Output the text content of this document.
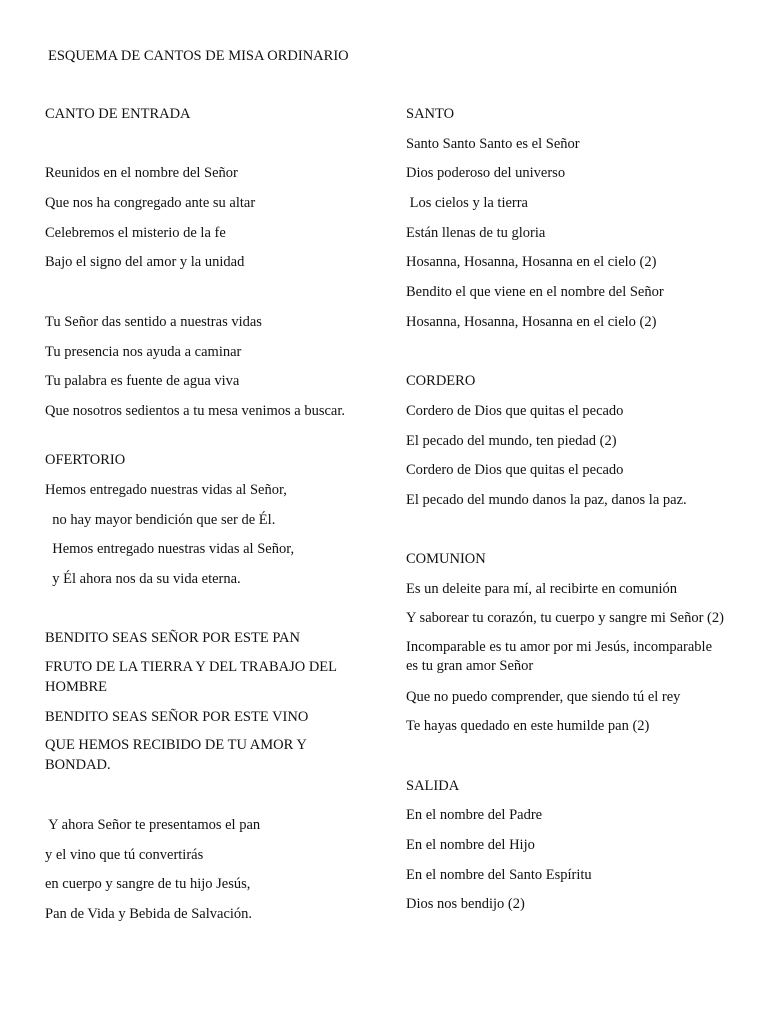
ESQUEMA DE CANTOS DE MISA ORDINARIO
CANTO DE ENTRADA

Reunidos en el nombre del Señor

Que nos ha congregado ante su altar

Celebremos el misterio de la fe

Bajo el signo del amor y la unidad

Tu Señor das sentido a nuestras vidas

Tu presencia nos ayuda a caminar

Tu palabra es fuente de agua viva

Que nosotros sedientos a tu mesa venimos a buscar.

OFERTORIO

Hemos entregado nuestras vidas al Señor,

no hay mayor bendición que ser de Él.

Hemos entregado nuestras vidas al Señor,

y Él ahora nos da su vida eterna.

BENDITO SEAS SEÑOR POR ESTE PAN

FRUTO DE LA TIERRA Y DEL TRABAJO DEL HOMBRE

BENDITO SEAS SEÑOR POR ESTE VINO

QUE HEMOS RECIBIDO DE TU AMOR Y BONDAD.

Y ahora Señor te presentamos el pan

y el vino que tú convertirás

en cuerpo y sangre de tu hijo Jesús,

Pan de Vida y Bebida de Salvación.

SANTO

Santo Santo Santo es el Señor

Dios poderoso del universo

Los cielos y la tierra

Están llenas de tu gloria

Hosanna, Hosanna, Hosanna en el cielo (2)

Bendito el que viene en el nombre del Señor

Hosanna, Hosanna, Hosanna en el cielo (2)

CORDERO

Cordero de Dios que quitas el pecado

El pecado del mundo, ten piedad (2)

Cordero de Dios que quitas el pecado

El pecado del mundo danos la paz, danos la paz.

COMUNION

Es un deleite para mí, al recibirte en comunión

Y saborear tu corazón, tu cuerpo y sangre mi Señor (2)

Incomparable es tu amor por mi Jesús, incomparable es tu gran amor Señor

Que no puedo comprender, que siendo tú el rey

Te hayas quedado en este humilde pan (2)

SALIDA

En el nombre del Padre

En el nombre del Hijo

En el nombre del Santo Espíritu

Dios nos bendijo (2)
